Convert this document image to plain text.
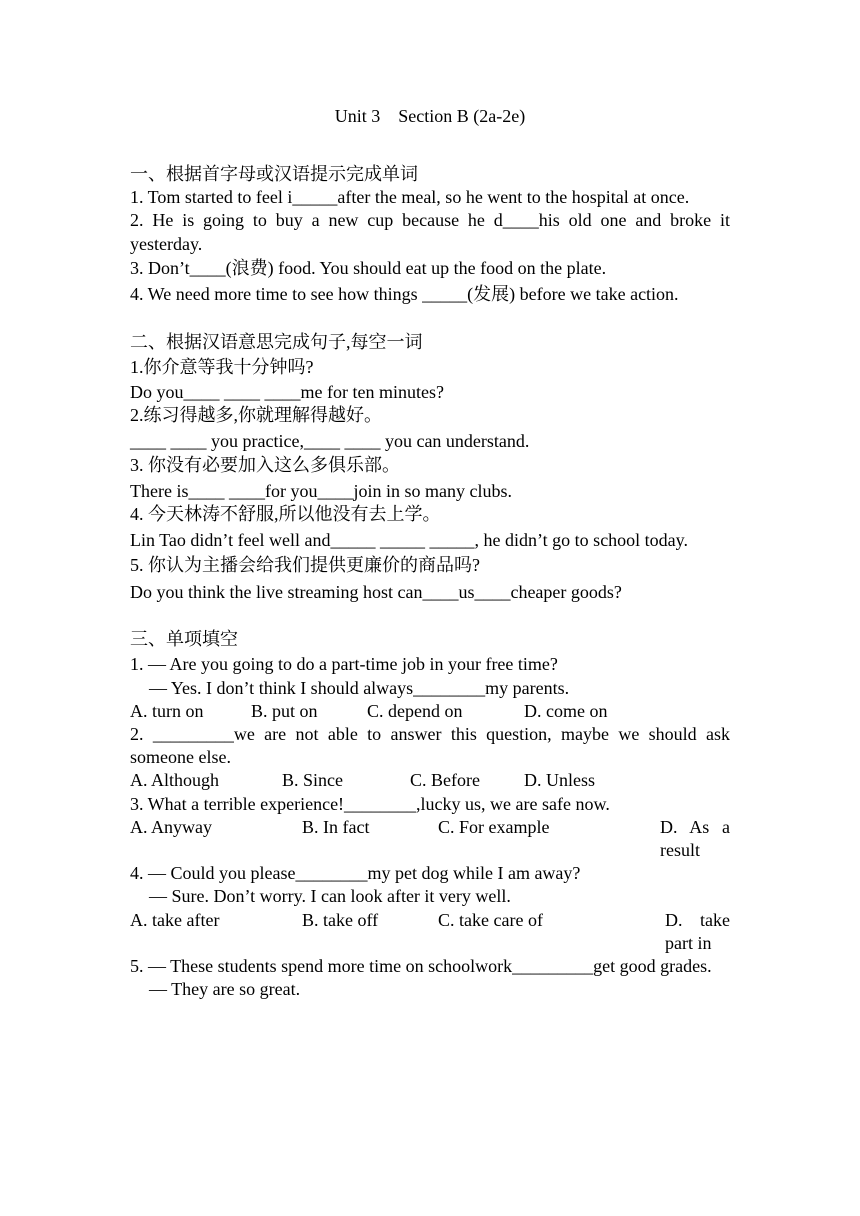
Unit 3    Section B (2a-2e)
一、根据首字母或汉语提示完成单词
1. Tom started to feel i_____after the meal, so he went to the hospital at once.
2. He is going to buy a new cup because he d____his old one and broke it yesterday.
3. Don’t____(浪费) food. You should eat up the food on the plate.
4. We need more time to see how things _____(发展) before we take action.
二、根据汉语意思完成句子,每空一词
1.你介意等我十分钟吗?
Do you____ ____ ____me for ten minutes?
2.练习得越多,你就理解得越好。
____ ____ you practice,____ ____ you can understand.
3. 你没有必要加入这么多俱乐部。
There is____ ____for you____join in so many clubs.
4. 今天林涛不舒服,所以他没有去上学。
Lin Tao didn’t feel well and_____ _____ _____, he didn’t go to school today.
5. 你认为主播会给我们提供更廉价的商品吗?
Do you think the live streaming host can____us____cheaper goods?
三、单项填空
1. — Are you going to do a part-time job in your free time?
— Yes. I don’t think I should always________my parents.
A. turn on	B. put on	C. depend on	D. come on
2. _________we are not able to answer this question, maybe we should ask someone else.
A. Although	B. Since	C. Before	D. Unless
3. What a terrible experience!________,lucky us, we are safe now.
A. Anyway	B. In fact	C. For example	D. As a result
4. — Could you please________my pet dog while I am away?
— Sure. Don’t worry. I can look after it very well.
A. take after	B. take off	C. take care of	D. take part in
5. — These students spend more time on schoolwork_________get good grades.
— They are so great.
